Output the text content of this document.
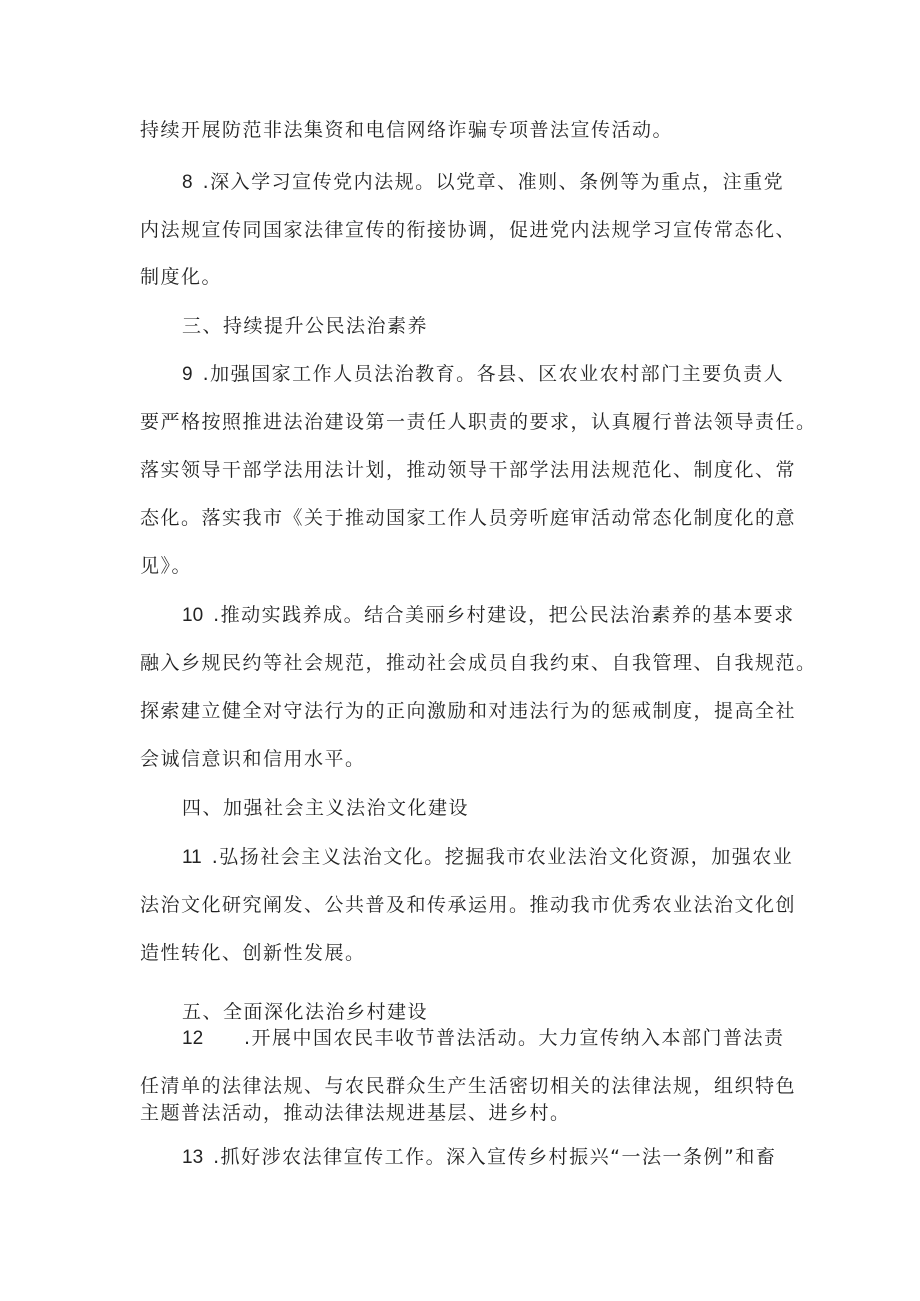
持续开展防范非法集资和电信网络诈骗专项普法宣传活动。
8 .深入学习宣传党内法规。以党章、准则、条例等为重点，注重党
内法规宣传同国家法律宣传的衔接协调，促进党内法规学习宣传常态化、
制度化。
三、持续提升公民法治素养
9 .加强国家工作人员法治教育。各县、区农业农村部门主要负责人
要严格按照推进法治建设第一责任人职责的要求，认真履行普法领导责任。
落实领导干部学法用法计划，推动领导干部学法用法规范化、制度化、常
态化。落实我市《关于推动国家工作人员旁听庭审活动常态化制度化的意
见》。
10 .推动实践养成。结合美丽乡村建设，把公民法治素养的基本要求
融入乡规民约等社会规范，推动社会成员自我约束、自我管理、自我规范。
探索建立健全对守法行为的正向激励和对违法行为的惩戒制度，提高全社
会诚信意识和信用水平。
四、加强社会主义法治文化建设
11 .弘扬社会主义法治文化。挖掘我市农业法治文化资源，加强农业
法治文化研究阐发、公共普及和传承运用。推动我市优秀农业法治文化创
造性转化、创新性发展。
五、全面深化法治乡村建设
12 .开展中国农民丰收节普法活动。大力宣传纳入本部门普法责
任清单的法律法规、与农民群众生产生活密切相关的法律法规，组织特色
主题普法活动，推动法律法规进基层、进乡村。
13 .抓好涉农法律宣传工作。深入宣传乡村振兴“一法一条例”和畜
